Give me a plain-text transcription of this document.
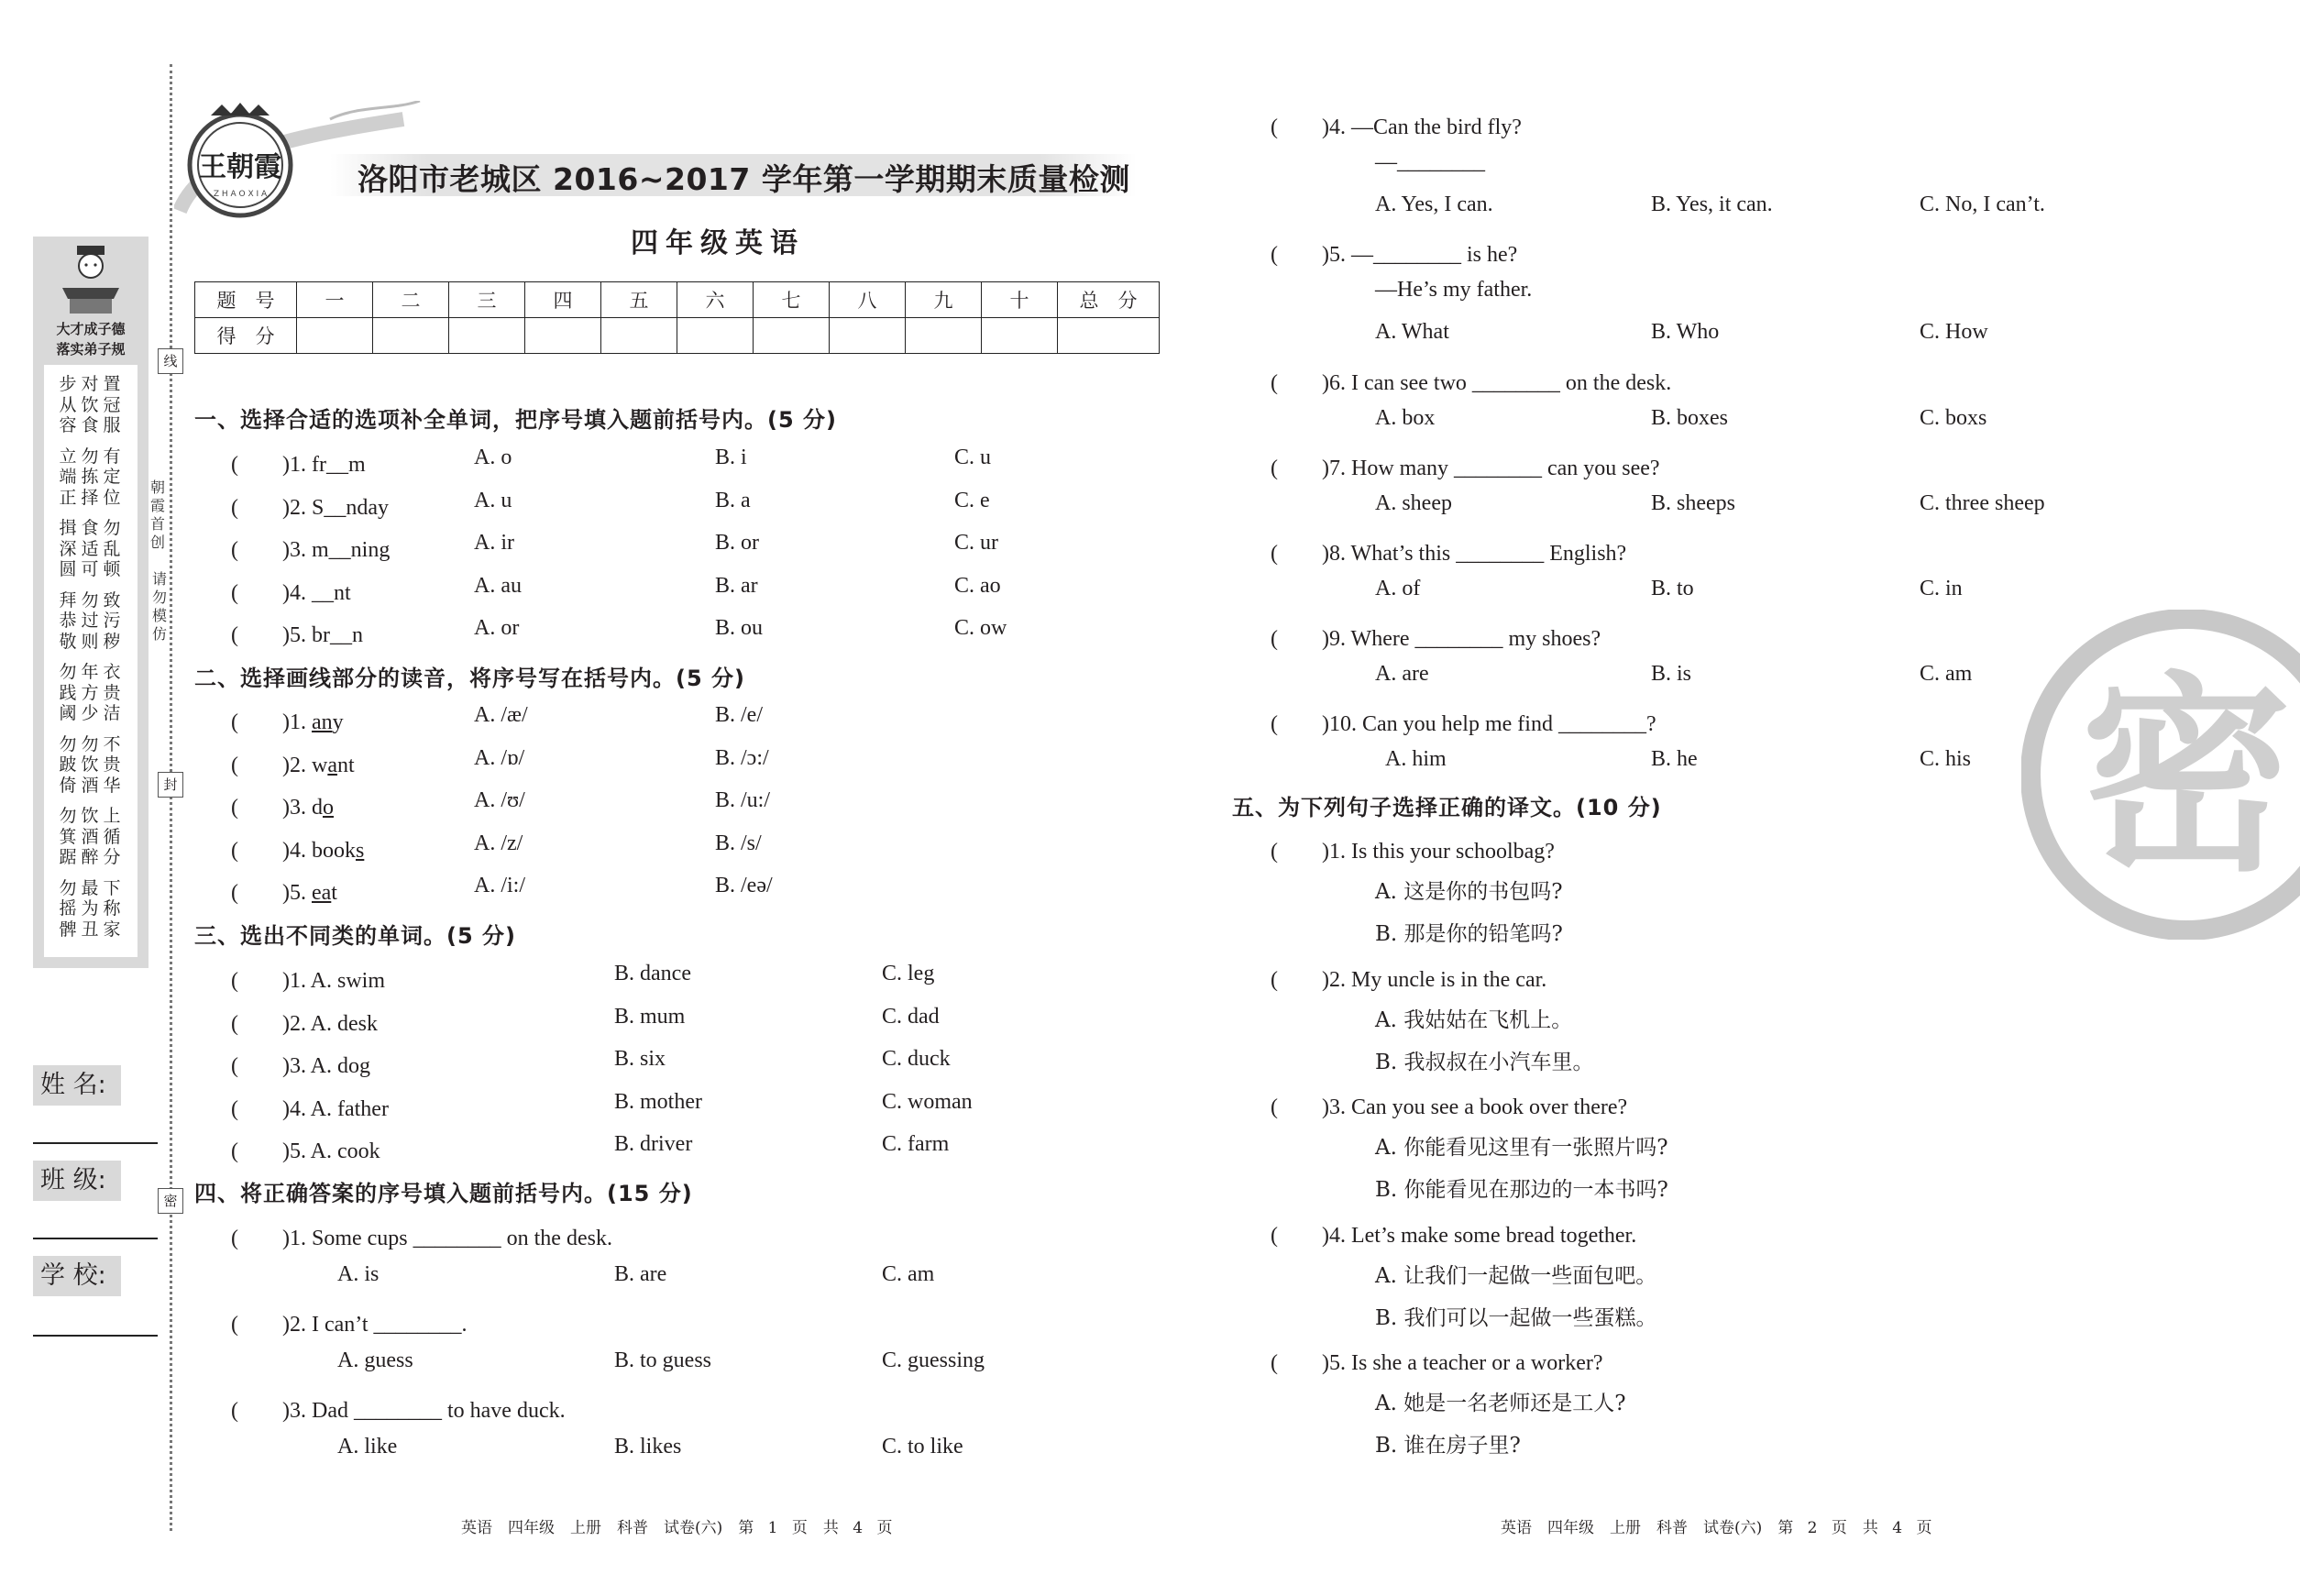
大才成子德
落实弟子规
步从容
对饮食
置冠服
立端正
勿拣择
有定位
揖深圆
食适可
勿乱顿
拜恭敬
勿过则
致污秽
勿践阈
年方少
衣贵洁
勿跛倚
勿饮酒
不贵华
勿箕踞
饮酒醉
上循分
勿摇髀
最为丑
下称家
朝霞首创
请勿模仿
线
封
密
姓 名:
班 级:
学 校:
王朝霞
Z H A O X I A	洛阳市老城区 2016~2017 学年第一学期期末质量检测
四年级英语
题　号	一	二	三	四	五	六	七	八	九	十	总　分
得　分											
一、选择合适的选项补全单词，把序号填入题前括号内。(5 分)
(　　)1. fr__m	A. o	B. i	C. u
(　　)2. S__nday	A. u	B. a	C. e
(　　)3. m__ning	A. ir	B. or	C. ur
(　　)4. __nt	A. au	B. ar	C. ao
(　　)5. br__n	A. or	B. ou	C. ow
二、选择画线部分的读音，将序号写在括号内。(5 分)
(　　)1. any	A. /æ/	B. /e/
(　　)2. want	A. /ɒ/	B. /ɔ:/
(　　)3. do	A. /ʊ/	B. /u:/
(　　)4. books	A. /z/	B. /s/
(　　)5. eat	A. /i:/	B. /eə/
三、选出不同类的单词。(5 分)
(　　)1. A. swim	B. dance	C. leg
(　　)2. A. desk	B. mum	C. dad
(　　)3. A. dog	B. six	C. duck
(　　)4. A. father	B. mother	C. woman
(　　)5. A. cook	B. driver	C. farm
四、将正确答案的序号填入题前括号内。(15 分)
(　　)1. Some cups ________ on the desk.
A. is	B. are	C. am
(　　)2. I can’t ________.
A. guess	B. to guess	C. guessing
(　　)3. Dad ________ to have duck.
A. like	B. likes	C. to like
(　　)4. —Can the bird fly?
—________
A. Yes, I can.	B. Yes, it can.	C. No, I can’t.
(　　)5. —________ is he?
—He’s my father.
A. What	B. Who	C. How
(　　)6. I can see two ________ on the desk.
A. box	B. boxes	C. boxs
(　　)7. How many ________ can you see?
A. sheep	B. sheeps	C. three sheep
(　　)8. What’s this ________ English?
A. of	B. to	C. in
(　　)9. Where ________ my shoes?
A. are	B. is	C. am
(　　)10. Can you help me find ________?
A. him	B. he	C. his
五、为下列句子选择正确的译文。(10 分)
(　　)1. Is this your schoolbag?
A. 这是你的书包吗?
B. 那是你的铅笔吗?
(　　)2. My uncle is in the car.
A. 我姑姑在飞机上。
B. 我叔叔在小汽车里。
(　　)3. Can you see a book over there?
A. 你能看见这里有一张照片吗?
B. 你能看见在那边的一本书吗?
(　　)4. Let’s make some bread together.
A. 让我们一起做一些面包吧。
B. 我们可以一起做一些蛋糕。
(　　)5. Is she a teacher or a worker?
A. 她是一名老师还是工人?
B. 谁在房子里?
密
英语　四年级　上册　科普　试卷(六)　第 1 页　共 4 页	英语　四年级　上册　科普　试卷(六)　第 2 页　共 4 页
